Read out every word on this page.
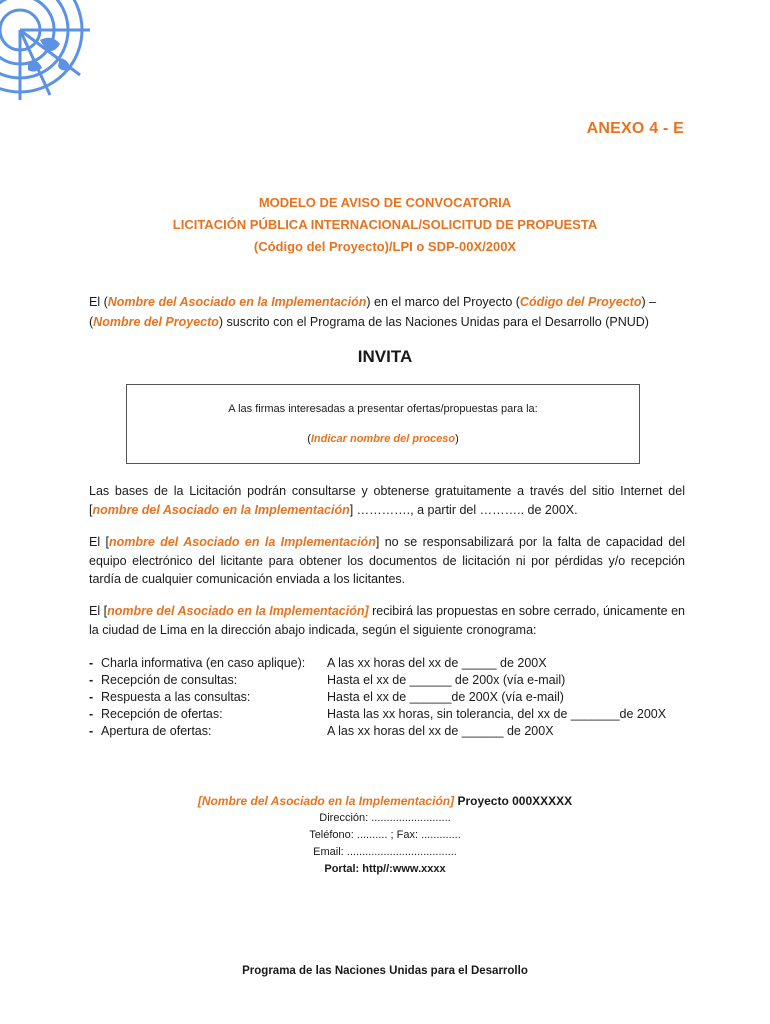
ANEXO 4 - E
MODELO DE AVISO DE CONVOCATORIA
LICITACIÓN PÚBLICA INTERNACIONAL/SOLICITUD DE PROPUESTA
(Código del Proyecto)/LPI o SDP-00X/200X
El (Nombre del Asociado en la Implementación) en el marco del Proyecto (Código del Proyecto) –
(Nombre del Proyecto) suscrito con el Programa de las Naciones Unidas para el Desarrollo (PNUD)
INVITA
A las firmas interesadas a presentar ofertas/propuestas para la:
(Indicar nombre del proceso)
Las bases de la Licitación podrán consultarse y obtenerse gratuitamente a través del sitio Internet del [nombre del Asociado en la Implementación] …………., a partir del ……….. de 200X.
El [nombre del Asociado en la Implementación] no se responsabilizará por la falta de capacidad del equipo electrónico del licitante para obtener los documentos de licitación ni por pérdidas y/o recepción tardía de cualquier comunicación enviada a los licitantes.
El [nombre del Asociado en la Implementación] recibirá las propuestas en sobre cerrado, únicamente en la ciudad de Lima en la dirección abajo indicada, según el siguiente cronograma:
- Charla informativa (en caso aplique):	A las xx horas del xx de _____ de 200X
- Recepción de consultas:	Hasta el xx de ______ de 200x (vía e-mail)
- Respuesta a las consultas:	Hasta el xx de ______de 200X (vía e-mail)
- Recepción de ofertas:	Hasta las xx horas, sin tolerancia, del xx de _______de 200X
- Apertura de ofertas:	A las xx horas del xx de ______ de 200X
[Nombre del Asociado en la Implementación] Proyecto 000XXXXX
Dirección: ..........................
Teléfono: .......... ; Fax: .............
Email: ....................................
Portal: http//:www.xxxx
Programa de las Naciones Unidas para el Desarrollo
